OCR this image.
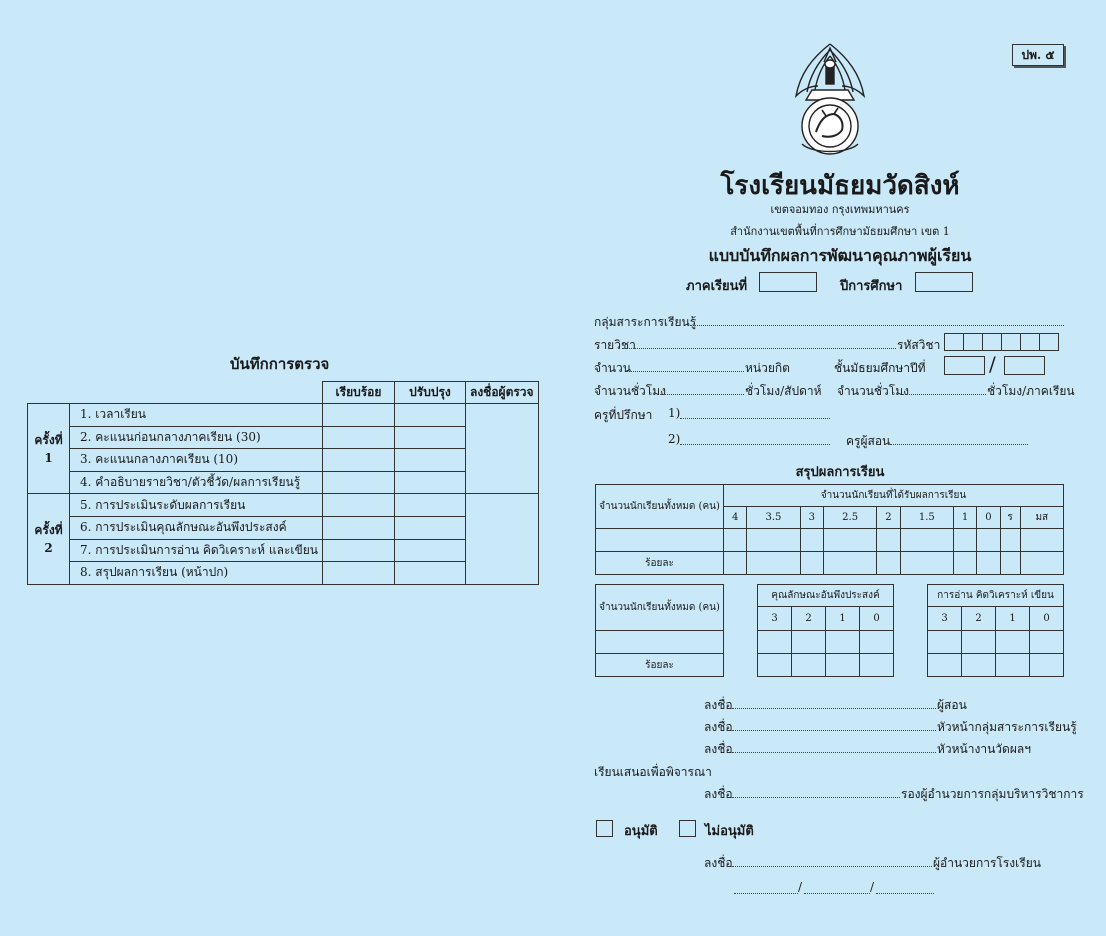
บันทึกการตรวจ
		เรียบร้อย	ปรับปรุง	ลงชื่อผู้ตรวจ
ครั้งที่
1	1. เวลาเรียน			
	2. คะแนนก่อนกลางภาคเรียน (30)			
	3. คะแนนกลางภาคเรียน (10)			
	4. คำอธิบายรายวิชา/ตัวชี้วัด/ผลการเรียนรู้			
ครั้งที่
2	5. การประเมินระดับผลการเรียน			
	6. การประเมินคุณลักษณะอันพึงประสงค์			
	7. การประเมินการอ่าน คิดวิเคราะห์ และเขียน			
	8. สรุปผลการเรียน (หน้าปก)			
ปพ. ๕
โรงเรียนมัธยมวัดสิงห์
เขตจอมทอง กรุงเทพมหานคร
สำนักงานเขตพื้นที่การศึกษามัธยมศึกษา เขต 1
แบบบันทึกผลการพัฒนาคุณภาพผู้เรียน
ภาคเรียนที่	ปีการศึกษา
กลุ่มสาระการเรียนรู้
รายวิชา	รหัสวิชา
จำนวน	หน่วยกิต	ชั้นมัธยมศึกษาปีที่	/
จำนวนชั่วโมง	ชั่วโมง/สัปดาห์ จำนวนชั่วโมง	ชั่วโมง/ภาคเรียน
ครูที่ปรึกษา 1)
2)	ครูผู้สอน
สรุปผลการเรียน
จำนวนนักเรียนทั้งหมด (คน)	จำนวนนักเรียนที่ได้รับผลการเรียน									
	4	3.5	3	2.5	2	1.5	1	0	ร	มส

ร้อยละ										
จำนวนนักเรียนทั้งหมด (คน)

ร้อยละ
คุณลักษณะอันพึงประสงค์			
3	2	1	0

การอ่าน คิดวิเคราะห์ เขียน			
3	2	1	0

ลงชื่อ	ผู้สอน
ลงชื่อ	หัวหน้ากลุ่มสาระการเรียนรู้
ลงชื่อ	หัวหน้างานวัดผลฯ
เรียนเสนอเพื่อพิจารณา
ลงชื่อ	รองผู้อำนวยการกลุ่มบริหารวิชาการ
อนุมัติ	ไม่อนุมัติ
ลงชื่อ	ผู้อำนวยการโรงเรียน
/	/
